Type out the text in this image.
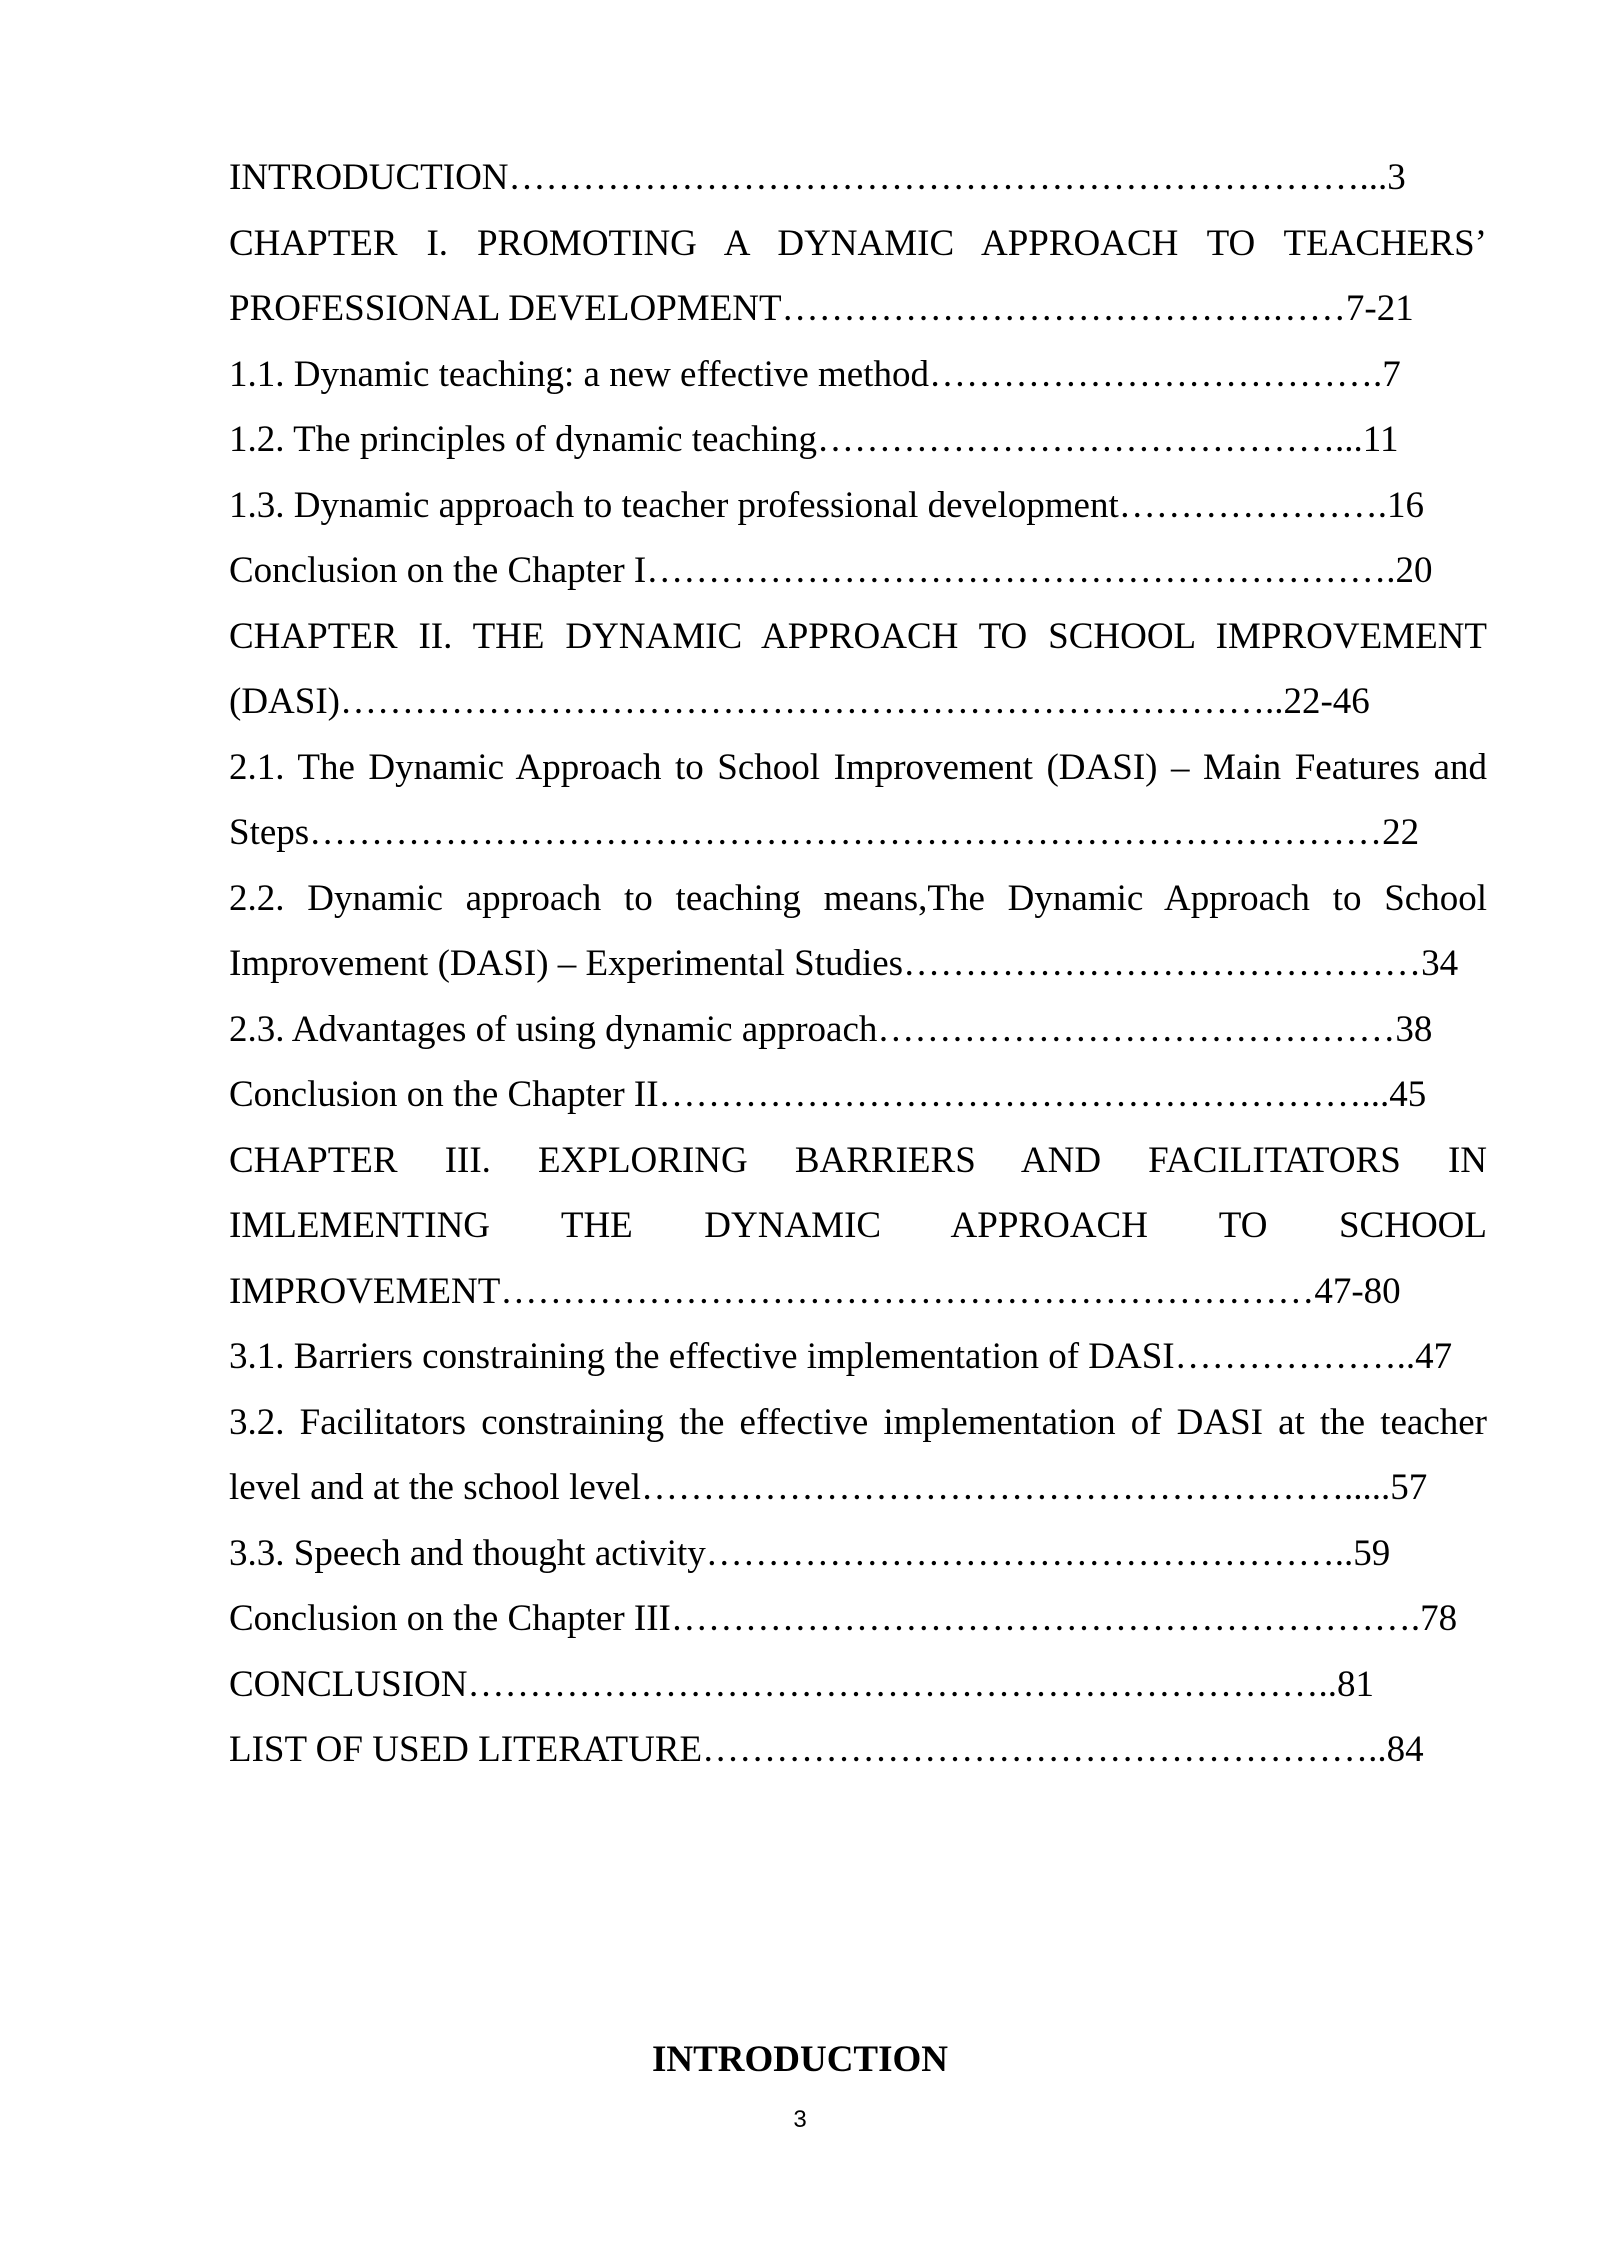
INTRODUCTION……………………………………………………………...3
CHAPTER I. PROMOTING A DYNAMIC APPROACH TO TEACHERS’
PROFESSIONAL DEVELOPMENT………………………………….……7-21
1.1. Dynamic teaching: a new effective method……………………………….7
1.2. The principles of dynamic teaching……………………………………...11
1.3. Dynamic approach to teacher professional development………………….16
Conclusion on the Chapter I…………………………………………………….20
CHAPTER II. THE DYNAMIC APPROACH TO SCHOOL IMPROVEMENT
(DASI)…………………………………………………………………..22-46
2.1. The Dynamic Approach to School Improvement (DASI) – Main Features and
Steps……………………………………………………………………………22
2.2. Dynamic approach to teaching means,The Dynamic Approach to School
Improvement (DASI) – Experimental Studies……………………………………34
2.3. Advantages of using dynamic approach……………………………………38
Conclusion on the Chapter II…………………………………………………...45
CHAPTER III. EXPLORING BARRIERS AND FACILITATORS IN
IMLEMENTING THE DYNAMIC APPROACH TO SCHOOL
IMPROVEMENT…………………………………………………………47-80
3.1. Barriers constraining the effective implementation of DASI………………..47
3.2. Facilitators constraining the effective implementation of DASI at the teacher
level and at the school level………………………………………………….....57
3.3. Speech and thought activity……………………………………………..59
Conclusion on the Chapter III…………………………………………………….78
CONCLUSION……………………………………………………………..81
LIST OF USED LITERATURE………………………………………………..84
INTRODUCTION
3
